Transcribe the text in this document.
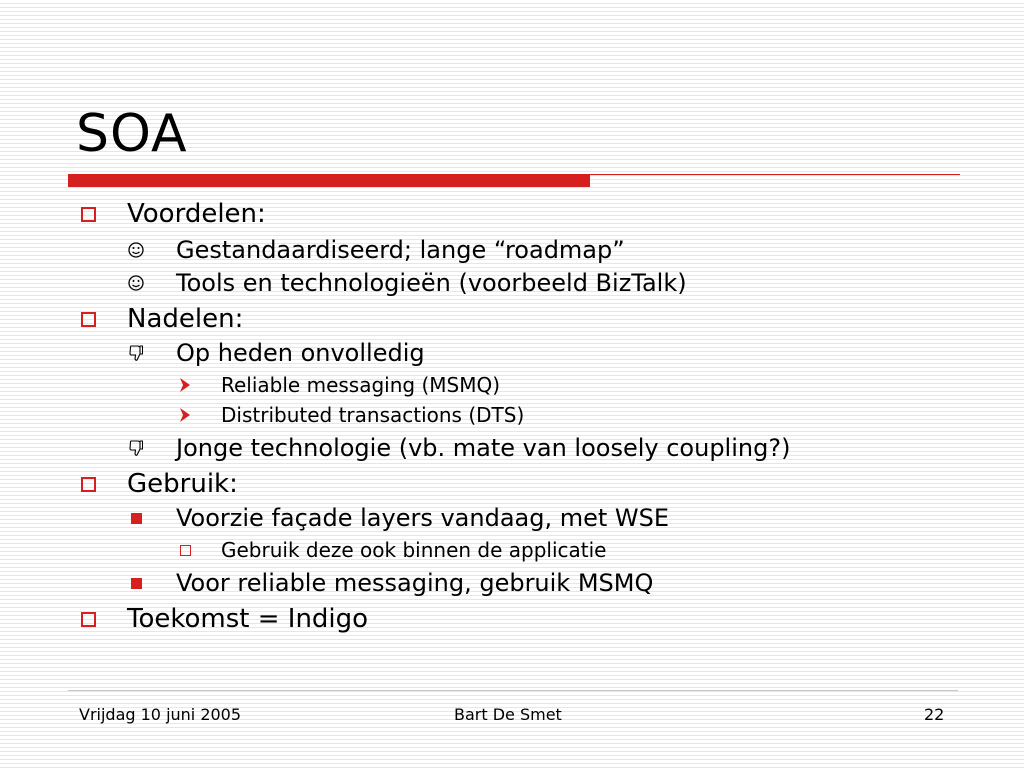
SOA
Voordelen:
Gestandaardiseerd; lange “roadmap”
Tools en technologieën (voorbeeld BizTalk)
Nadelen:
Op heden onvolledig
Reliable messaging (MSMQ)
Distributed transactions (DTS)
Jonge technologie (vb. mate van loosely coupling?)
Gebruik:
Voorzie façade layers vandaag, met WSE
Gebruik deze ook binnen de applicatie
Voor reliable messaging, gebruik MSMQ
Toekomst = Indigo
Vrijdag 10 juni 2005	Bart De Smet	22
